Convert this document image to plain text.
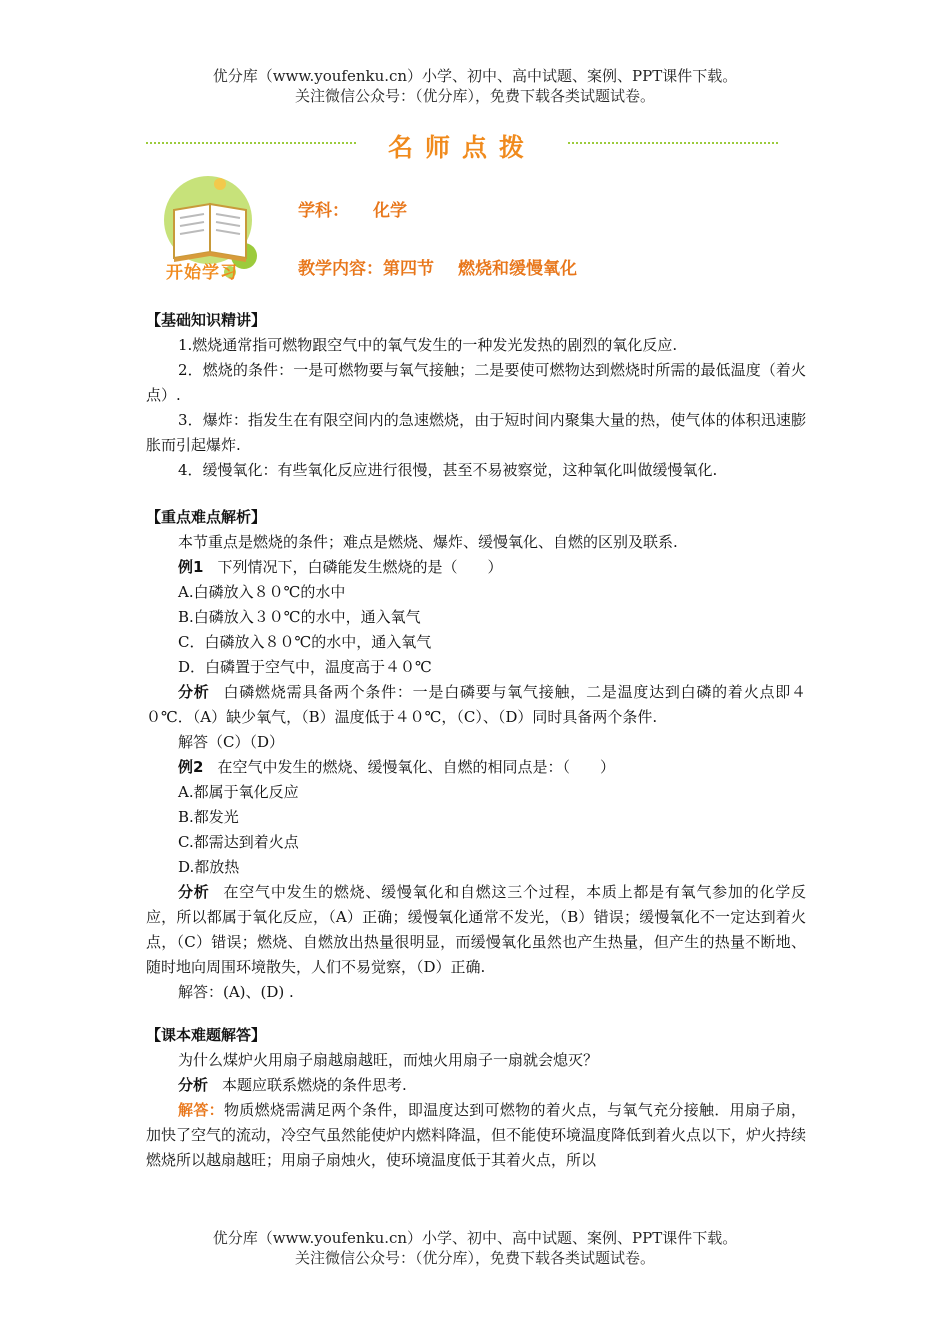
优分库（www.youfenku.cn）小学、初中、高中试题、案例、PPT课件下载。
关注微信公众号：（优分库），免费下载各类试题试卷。
名师点拨
开始学习
学科： 化学
教学内容：第四节 燃烧和缓慢氧化
【基础知识精讲】
1.燃烧通常指可燃物跟空气中的氧气发生的一种发光发热的剧烈的氧化反应.
2．燃烧的条件：一是可燃物要与氧气接触；二是要使可燃物达到燃烧时所需的最低温度（着火点）.
3．爆炸：指发生在有限空间内的急速燃烧，由于短时间内聚集大量的热，使气体的体积迅速膨胀而引起爆炸.
4．缓慢氧化：有些氧化反应进行很慢，甚至不易被察觉，这种氧化叫做缓慢氧化.
【重点难点解析】
本节重点是燃烧的条件；难点是燃烧、爆炸、缓慢氧化、自燃的区别及联系.
例1 下列情况下，白磷能发生燃烧的是（　　）
A.白磷放入８０℃的水中
B.白磷放入３０℃的水中，通入氧气
C．白磷放入８０℃的水中，通入氧气
D．白磷置于空气中，温度高于４０℃
分析 白磷燃烧需具备两个条件：一是白磷要与氧气接触，二是温度达到白磷的着火点即４０℃．（A）缺少氧气，（B）温度低于４０℃，（C）、（D）同时具备两个条件.
解答（C）（D）
例2 在空气中发生的燃烧、缓慢氧化、自燃的相同点是：（　　）
A.都属于氧化反应
B.都发光
C.都需达到着火点
D.都放热
分析 在空气中发生的燃烧、缓慢氧化和自燃这三个过程，本质上都是有氧气参加的化学反应，所以都属于氧化反应，（A）正确；缓慢氧化通常不发光，（B）错误；缓慢氧化不一定达到着火点，（C）错误；燃烧、自燃放出热量很明显，而缓慢氧化虽然也产生热量，但产生的热量不断地、随时地向周围环境散失，人们不易觉察，（D）正确.
解答：(A)、(D) .
【课本难题解答】
为什么煤炉火用扇子扇越扇越旺，而烛火用扇子一扇就会熄灭？
分析 本题应联系燃烧的条件思考.
解答：物质燃烧需满足两个条件，即温度达到可燃物的着火点，与氧气充分接触．用扇子扇，加快了空气的流动，冷空气虽然能使炉内燃料降温，但不能使环境温度降低到着火点以下，炉火持续燃烧所以越扇越旺；用扇子扇烛火，使环境温度低于其着火点，所以
优分库（www.youfenku.cn）小学、初中、高中试题、案例、PPT课件下载。
关注微信公众号：（优分库），免费下载各类试题试卷。
